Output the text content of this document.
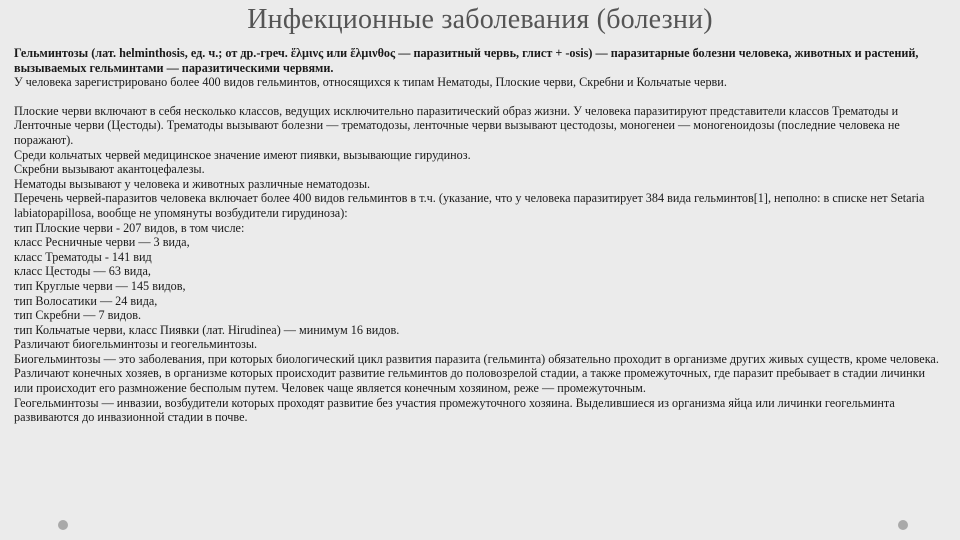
Инфекционные заболевания (болезни)

Гельминтозы (лат. helminthosis, ед. ч.; от др.-греч. ἕλμινς или ἕλμινθος — паразитный червь, глист + -osis) — паразитарные болезни человека, животных и растений, вызываемых гельминтами — паразитическими червями.

У человека зарегистрировано более 400 видов гельминтов, относящихся к типам Нематоды, Плоские черви, Скребни и Кольчатые черви.

Плоские черви включают в себя несколько классов, ведущих исключительно паразитический образ жизни. У человека паразитируют представители классов Трематоды и Ленточные черви (Цестоды). Трематоды вызывают болезни — трематодозы, ленточные черви вызывают цестодозы, моногенеи — моногеноидозы (последние человека не поражают).

Среди кольчатых червей медицинское значение имеют пиявки, вызывающие гирудиноз.

Скребни вызывают акантоцефалезы.

Нематоды вызывают у человека и животных различные нематодозы.

Перечень червей-паразитов человека включает более 400 видов гельминтов в т.ч. (указание, что у человека паразитирует 384 вида гельминтов[1], неполно: в списке нет Setaria labiatopapillosa, вообще не упомянуты возбудители гирудиноза):

тип Плоские черви - 207 видов, в том числе:

класс Ресничные черви — 3 вида,

класс Трематоды - 141 вид

класс Цестоды — 63 вида,

тип Круглые черви — 145 видов,

тип Волосатики — 24 вида,

тип Скребни — 7 видов.

тип Кольчатые черви, класс Пиявки (лат. Hirudinea) — минимум 16 видов.

Различают биогельминтозы и геогельминтозы.

Биогельминтозы — это заболевания, при которых биологический цикл развития паразита (гельминта) обязательно проходит в организме других живых существ, кроме человека. Различают конечных хозяев, в организме которых происходит развитие гельминтов до половозрелой стадии, а также промежуточных, где паразит пребывает в стадии личинки или происходит его размножение бесполым путем. Человек чаще является конечным хозяином, реже — промежуточным.

Геогельминтозы — инвазии, возбудители которых проходят развитие без участия промежуточного хозяина. Выделившиеся из организма яйца или личинки геогельминта развиваются до инвазионной стадии в почве.
